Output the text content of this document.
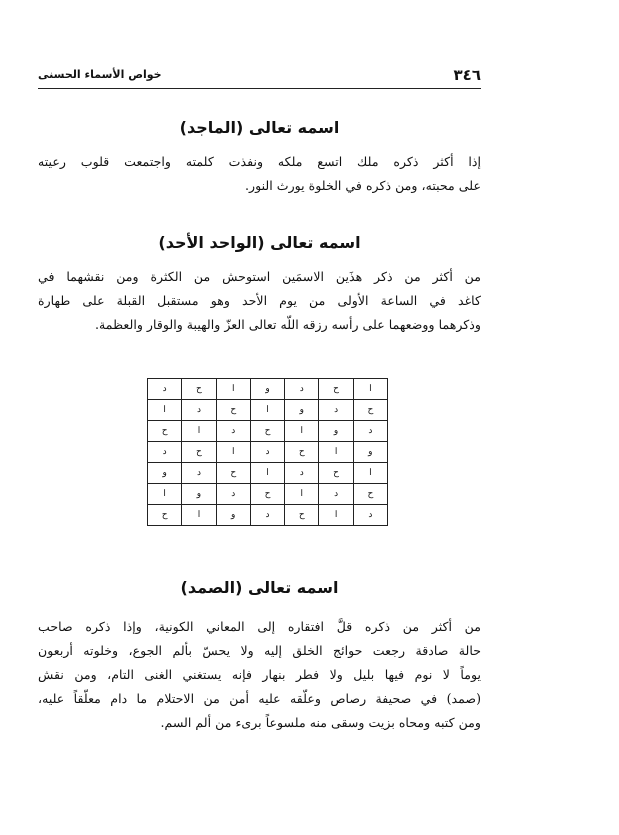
٣٤٦
خواص الأسماء الحسنى
اسمه تعالى (الماجد)
إذا أكثر ذكره ملك اتسع ملكه ونفذت كلمته واجتمعت قلوب رعيته
على محبته، ومن ذكره في الخلوة يورث النور.
اسمه تعالى (الواحد الأحد)
من أكثر من ذكر هذَين الاسمَين استوحش من الكثرة ومن نقشهما في
كاغد في الساعة الأولى من يوم الأحد وهو مستقبل القبلة على طهارة
وذكرهما ووضعهما على رأسه رزقه اللّه تعالى العزّ والهيبة والوقار والعظمة.
ا	ح	د	و	ا	ح	د
ح	د	و	ا	ح	د	ا
د	و	ا	ح	د	ا	ح
و	ا	ح	د	ا	ح	د
ا	ح	د	ا	ح	د	و
ح	د	ا	ح	د	و	ا
د	ا	ح	د	و	ا	ح
اسمه تعالى (الصمد)
من أكثر من ذكره قلَّ افتقاره إلى المعاني الكونية، وإذا ذكره صاحب
حالة صادقة رجعت حوائج الخلق إليه ولا يحسّ بألم الجوع، وخلوته أربعون
يوماً لا نوم فيها بليل ولا فطر بنهار فإنه يستغني الغنى التام، ومن نقش
(صمد) في صحيفة رصاص وعلّقه عليه أمن من الاحتلام ما دام معلّقاً عليه،
ومن كتبه ومحاه بزيت وسقى منه ملسوعاً برىء من ألم السم.
